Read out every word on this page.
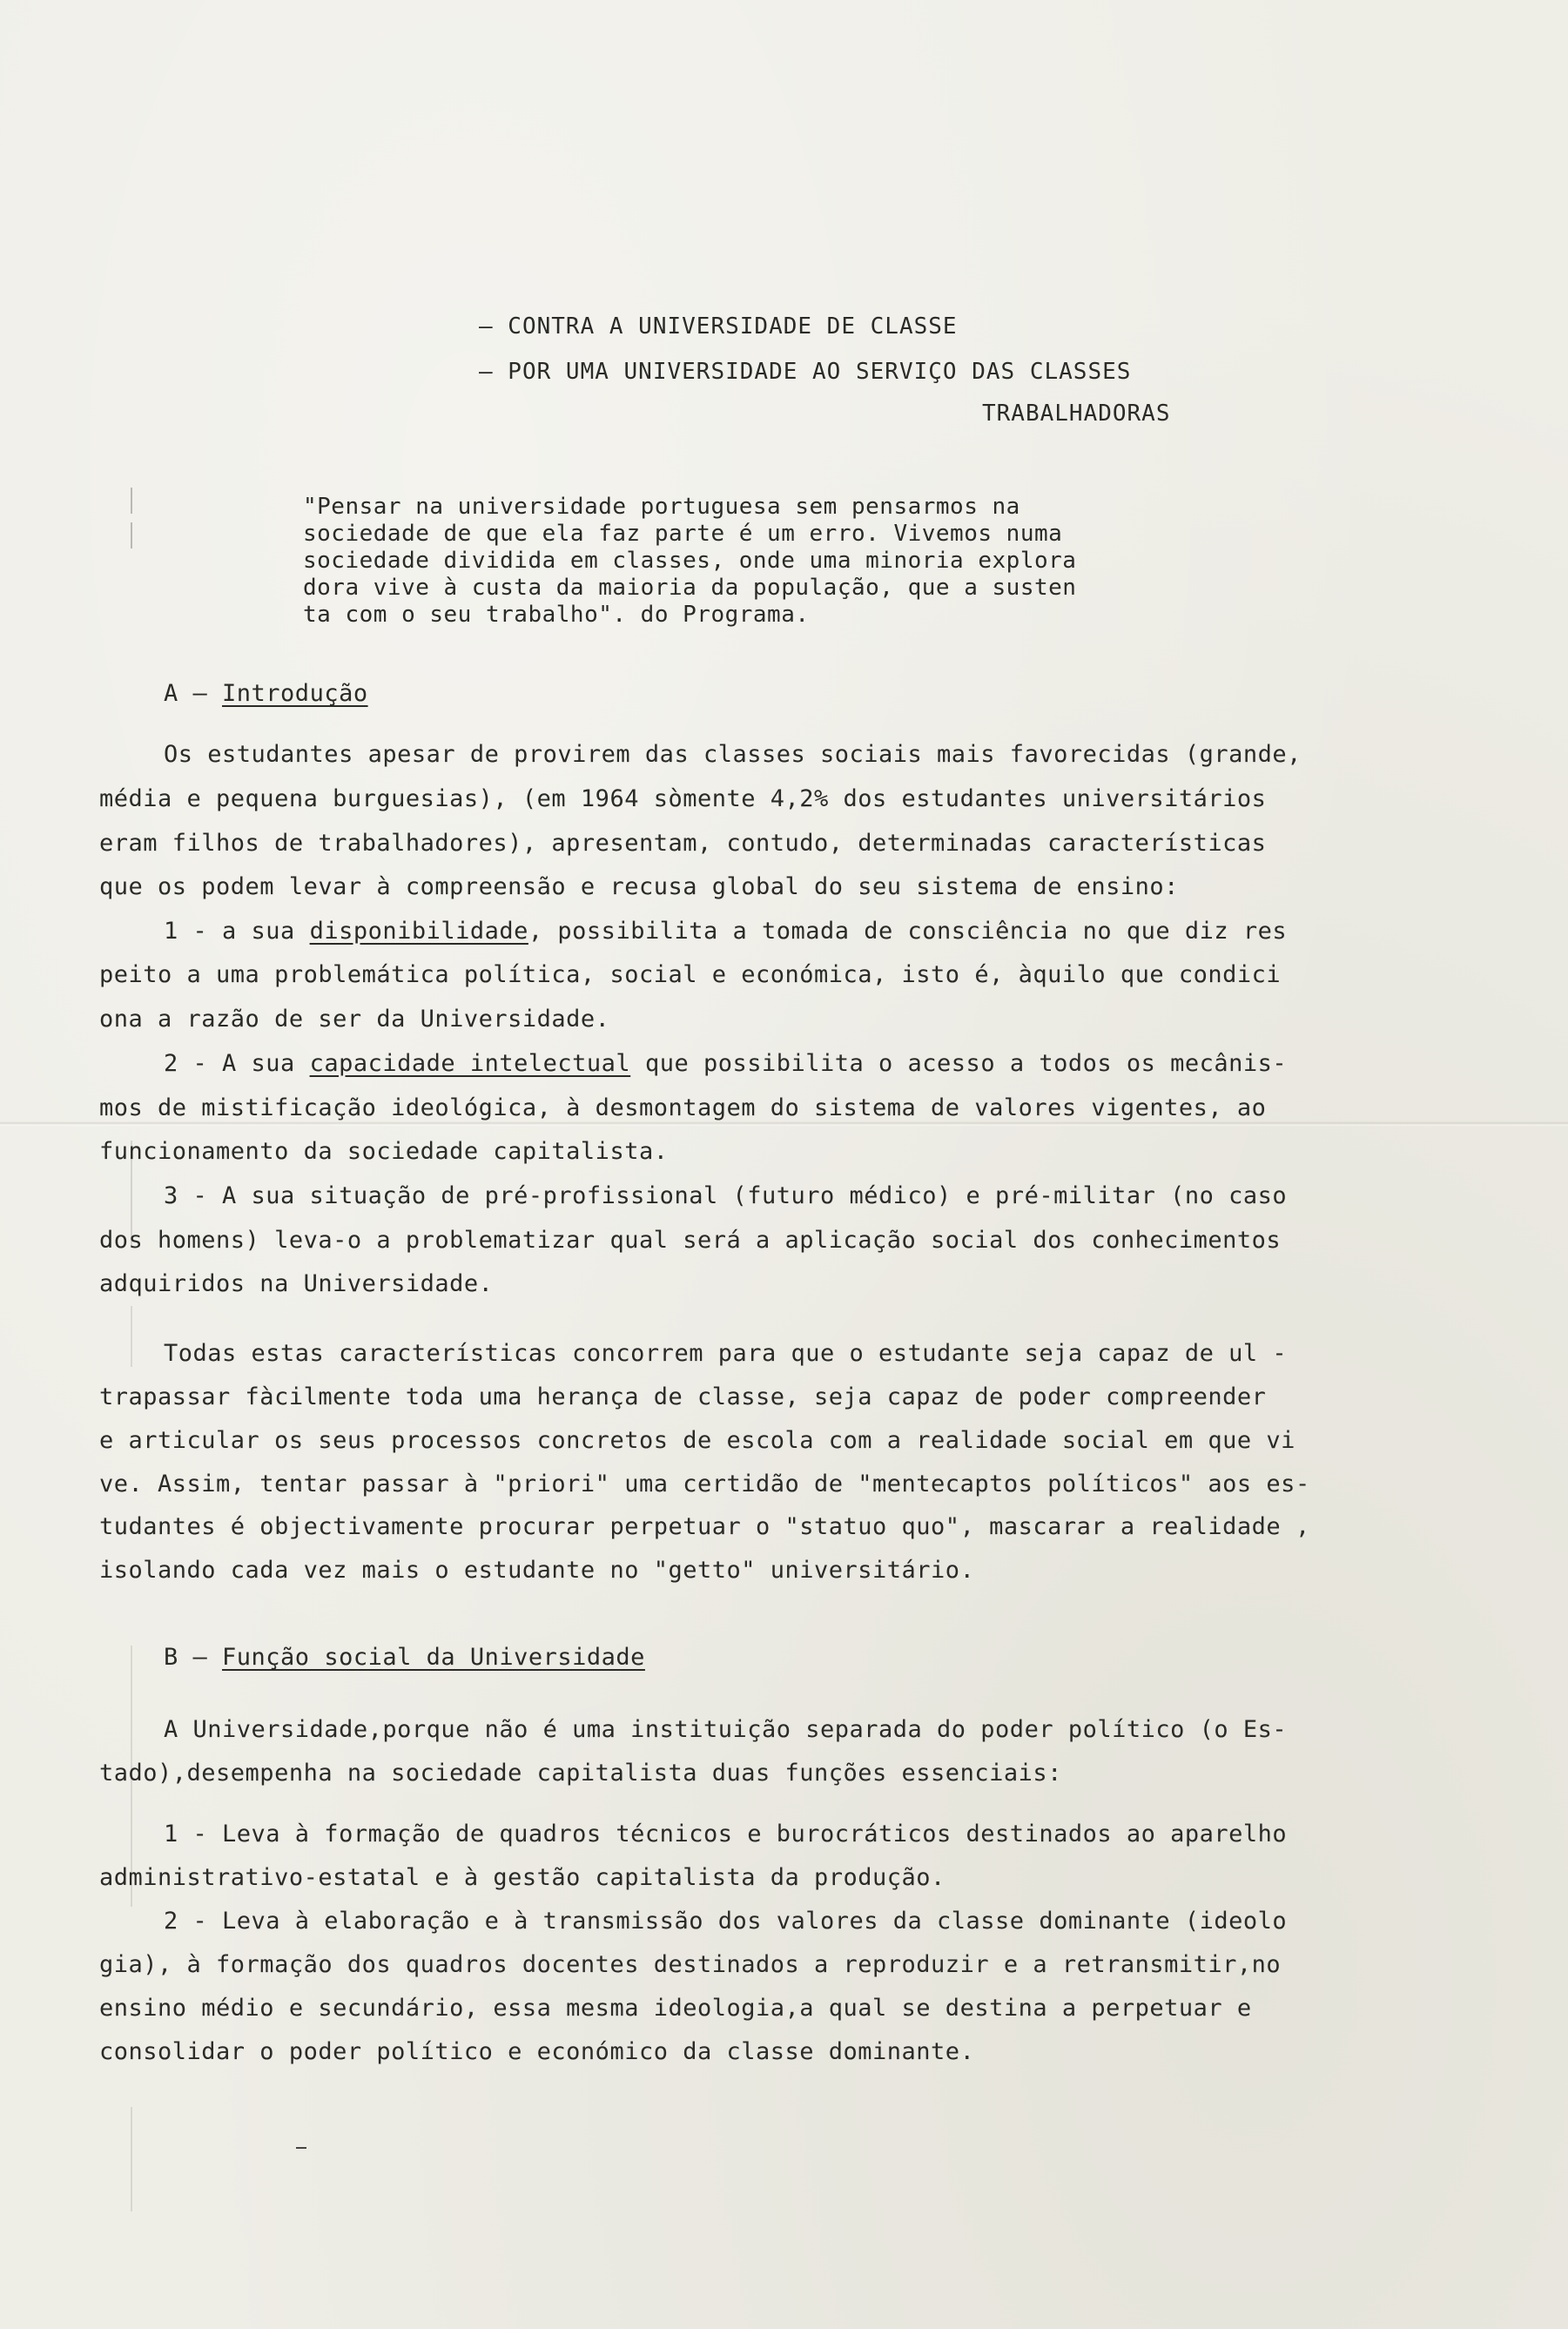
— CONTRA A UNIVERSIDADE DE CLASSE
— POR UMA UNIVERSIDADE AO SERVIÇO DAS CLASSES
TRABALHADORAS
"Pensar na universidade portuguesa sem pensarmos na
sociedade de que ela faz parte é um erro. Vivemos numa
sociedade dividida em classes, onde uma minoria explora
dora vive à custa da maioria da população, que a susten
ta com o seu trabalho". do Programa.
A — Introdução
Os estudantes apesar de provirem das classes sociais mais favorecidas (grande,
média e pequena burguesias), (em 1964 sòmente 4,2% dos estudantes universitários
eram filhos de trabalhadores), apresentam, contudo, determinadas características
que os podem levar à compreensão e recusa global do seu sistema de ensino:
1 - a sua disponibilidade, possibilita a tomada de consciência no que diz res
peito a uma problemática política, social e económica, isto é, àquilo que condici
ona a razão de ser da Universidade.
2 - A sua capacidade intelectual que possibilita o acesso a todos os mecânis-
mos de mistificação ideológica, à desmontagem do sistema de valores vigentes, ao
funcionamento da sociedade capitalista.
3 - A sua situação de pré-profissional (futuro médico) e pré-militar (no caso
dos homens) leva-o a problematizar qual será a aplicação social dos conhecimentos
adquiridos na Universidade.
Todas estas características concorrem para que o estudante seja capaz de ul -
trapassar fàcilmente toda uma herança de classe, seja capaz de poder compreender
e articular os seus processos concretos de escola com a realidade social em que vi
ve. Assim, tentar passar à "priori" uma certidão de "mentecaptos políticos" aos es-
tudantes é objectivamente procurar perpetuar o "statuo quo", mascarar a realidade ,
isolando cada vez mais o estudante no "getto" universitário.
B — Função social da Universidade
A Universidade,porque não é uma instituição separada do poder político (o Es-
tado),desempenha na sociedade capitalista duas funções essenciais:
1 - Leva à formação de quadros técnicos e burocráticos destinados ao aparelho
administrativo-estatal e à gestão capitalista da produção.
2 - Leva à elaboração e à transmissão dos valores da classe dominante (ideolo
gia), à formação dos quadros docentes destinados a reproduzir e a retransmitir,no
ensino médio e secundário, essa mesma ideologia,a qual se destina a perpetuar e
consolidar o poder político e económico da classe dominante.
